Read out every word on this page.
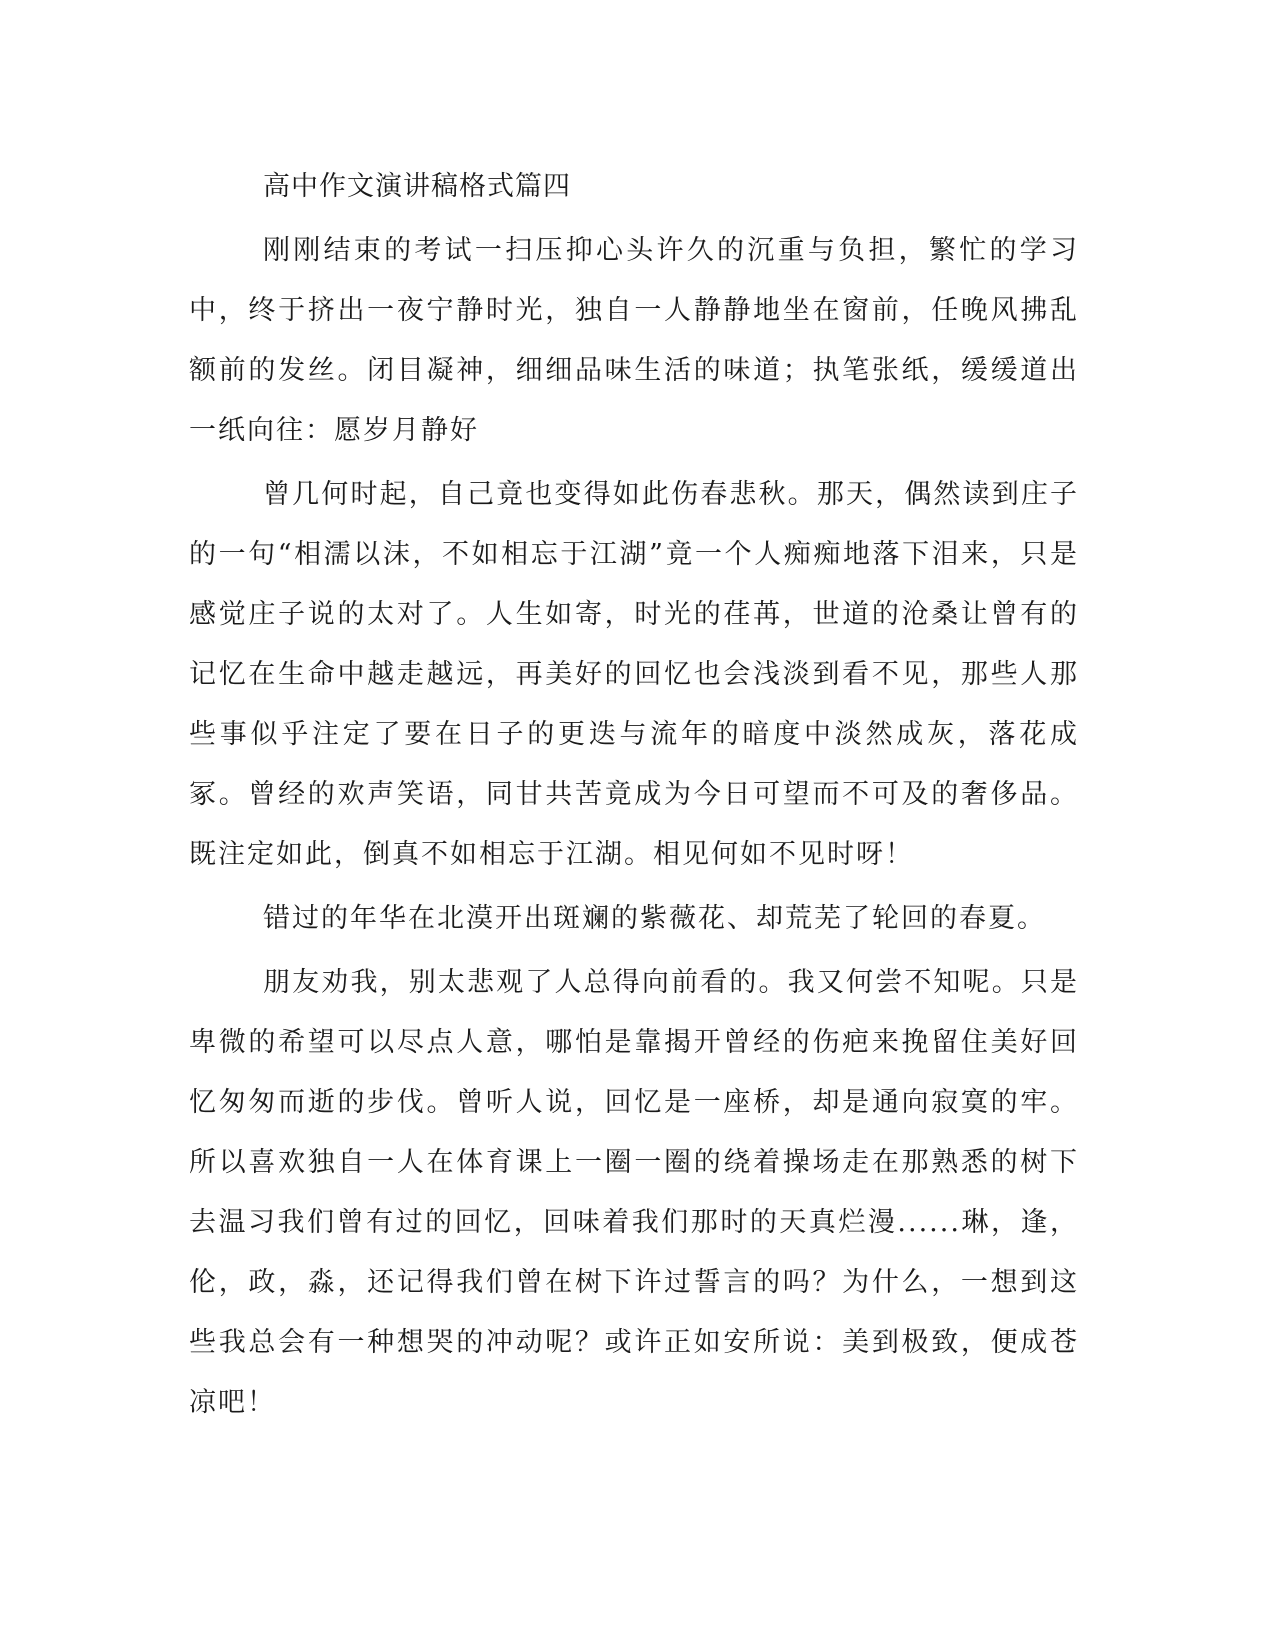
高中作文演讲稿格式篇四

刚刚结束的考试一扫压抑心头许久的沉重与负担，繁忙的学习中，终于挤出一夜宁静时光，独自一人静静地坐在窗前，任晚风拂乱额前的发丝。闭目凝神，细细品味生活的味道；执笔张纸，缓缓道出一纸向往：愿岁月静好

曾几何时起，自己竟也变得如此伤春悲秋。那天，偶然读到庄子的一句“相濡以沫，不如相忘于江湖”竟一个人痴痴地落下泪来，只是感觉庄子说的太对了。人生如寄，时光的荏苒，世道的沧桑让曾有的记忆在生命中越走越远，再美好的回忆也会浅淡到看不见，那些人那些事似乎注定了要在日子的更迭与流年的暗度中淡然成灰，落花成冢。曾经的欢声笑语，同甘共苦竟成为今日可望而不可及的奢侈品。既注定如此，倒真不如相忘于江湖。相见何如不见时呀！

错过的年华在北漠开出斑斓的紫薇花、却荒芜了轮回的春夏。

朋友劝我，别太悲观了人总得向前看的。我又何尝不知呢。只是卑微的希望可以尽点人意，哪怕是靠揭开曾经的伤疤来挽留住美好回忆匆匆而逝的步伐。曾听人说，回忆是一座桥，却是通向寂寞的牢。所以喜欢独自一人在体育课上一圈一圈的绕着操场走在那熟悉的树下去温习我们曾有过的回忆，回味着我们那时的天真烂漫......琳，逢，伦，政，淼，还记得我们曾在树下许过誓言的吗？为什么，一想到这些我总会有一种想哭的冲动呢？或许正如安所说：美到极致，便成苍凉吧！
